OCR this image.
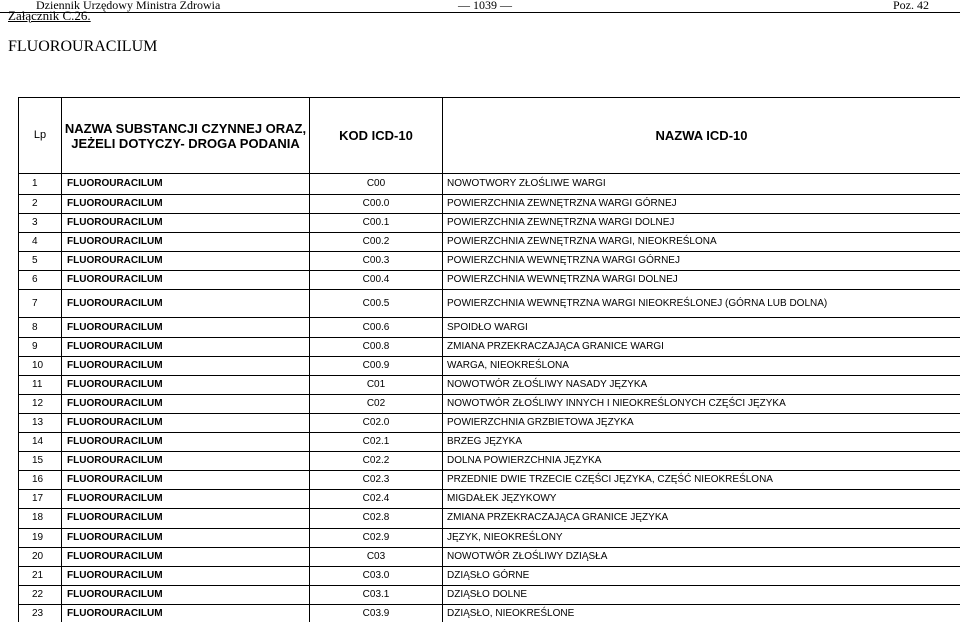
Dziennik Urzędowy Ministra Zdrowia	— 1039 —	Poz. 42
Załącznik C.26.
FLUOROURACILUM
Lp	NAZWA SUBSTANCJI CZYNNEJ ORAZ, JEŻELI DOTYCZY- DROGA PODANIA	KOD ICD-10	NAZWA ICD-10
1	FLUOROURACILUM	C00	NOWOTWORY ZŁOŚLIWE WARGI
2	FLUOROURACILUM	C00.0	POWIERZCHNIA ZEWNĘTRZNA WARGI GÓRNEJ
3	FLUOROURACILUM	C00.1	POWIERZCHNIA ZEWNĘTRZNA WARGI DOLNEJ
4	FLUOROURACILUM	C00.2	POWIERZCHNIA ZEWNĘTRZNA WARGI, NIEOKREŚLONA
5	FLUOROURACILUM	C00.3	POWIERZCHNIA WEWNĘTRZNA WARGI GÓRNEJ
6	FLUOROURACILUM	C00.4	POWIERZCHNIA WEWNĘTRZNA WARGI DOLNEJ
7	FLUOROURACILUM	C00.5	POWIERZCHNIA WEWNĘTRZNA WARGI NIEOKREŚLONEJ (GÓRNA LUB DOLNA)
8	FLUOROURACILUM	C00.6	SPOIDŁO WARGI
9	FLUOROURACILUM	C00.8	ZMIANA PRZEKRACZAJĄCA GRANICE WARGI
10	FLUOROURACILUM	C00.9	WARGA, NIEOKREŚLONA
11	FLUOROURACILUM	C01	NOWOTWÓR ZŁOŚLIWY NASADY JĘZYKA
12	FLUOROURACILUM	C02	NOWOTWÓR ZŁOŚLIWY INNYCH I NIEOKREŚLONYCH CZĘŚCI JĘZYKA
13	FLUOROURACILUM	C02.0	POWIERZCHNIA GRZBIETOWA JĘZYKA
14	FLUOROURACILUM	C02.1	BRZEG JĘZYKA
15	FLUOROURACILUM	C02.2	DOLNA POWIERZCHNIA JĘZYKA
16	FLUOROURACILUM	C02.3	PRZEDNIE DWIE TRZECIE CZĘŚCI JĘZYKA, CZĘŚĆ NIEOKREŚLONA
17	FLUOROURACILUM	C02.4	MIGDAŁEK JĘZYKOWY
18	FLUOROURACILUM	C02.8	ZMIANA PRZEKRACZAJĄCA GRANICE JĘZYKA
19	FLUOROURACILUM	C02.9	JĘZYK, NIEOKREŚLONY
20	FLUOROURACILUM	C03	NOWOTWÓR ZŁOŚLIWY DZIĄSŁA
21	FLUOROURACILUM	C03.0	DZIĄSŁO GÓRNE
22	FLUOROURACILUM	C03.1	DZIĄSŁO DOLNE
23	FLUOROURACILUM	C03.9	DZIĄSŁO, NIEOKREŚLONE
